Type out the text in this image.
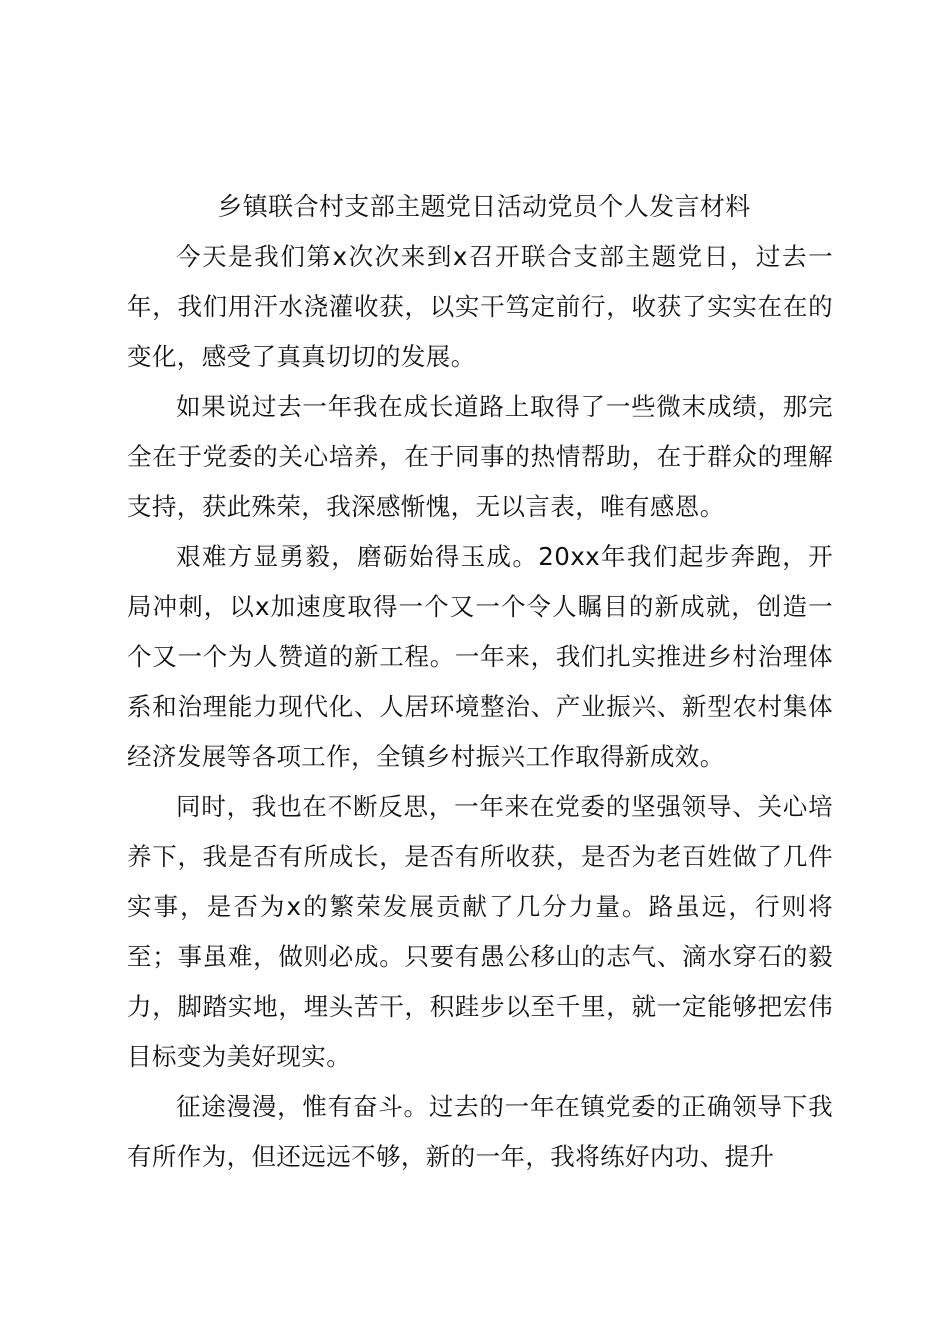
乡镇联合村支部主题党日活动党员个人发言材料

今天是我们第x次次来到x召开联合支部主题党日，过去一年，我们用汗水浇灌收获，以实干笃定前行，收获了实实在在的变化，感受了真真切切的发展。

如果说过去一年我在成长道路上取得了一些微末成绩，那完全在于党委的关心培养，在于同事的热情帮助，在于群众的理解支持，获此殊荣，我深感惭愧，无以言表，唯有感恩。

艰难方显勇毅，磨砺始得玉成。20xx年我们起步奔跑，开局冲刺，以x加速度取得一个又一个令人瞩目的新成就，创造一个又一个为人赞道的新工程。一年来，我们扎实推进乡村治理体系和治理能力现代化、人居环境整治、产业振兴、新型农村集体经济发展等各项工作，全镇乡村振兴工作取得新成效。

同时，我也在不断反思，一年来在党委的坚强领导、关心培养下，我是否有所成长，是否有所收获，是否为老百姓做了几件实事，是否为x的繁荣发展贡献了几分力量。路虽远，行则将至；事虽难，做则必成。只要有愚公移山的志气、滴水穿石的毅力，脚踏实地，埋头苦干，积跬步以至千里，就一定能够把宏伟目标变为美好现实。

征途漫漫，惟有奋斗。过去的一年在镇党委的正确领导下我有所作为，但还远远不够，新的一年，我将练好内功、提升
